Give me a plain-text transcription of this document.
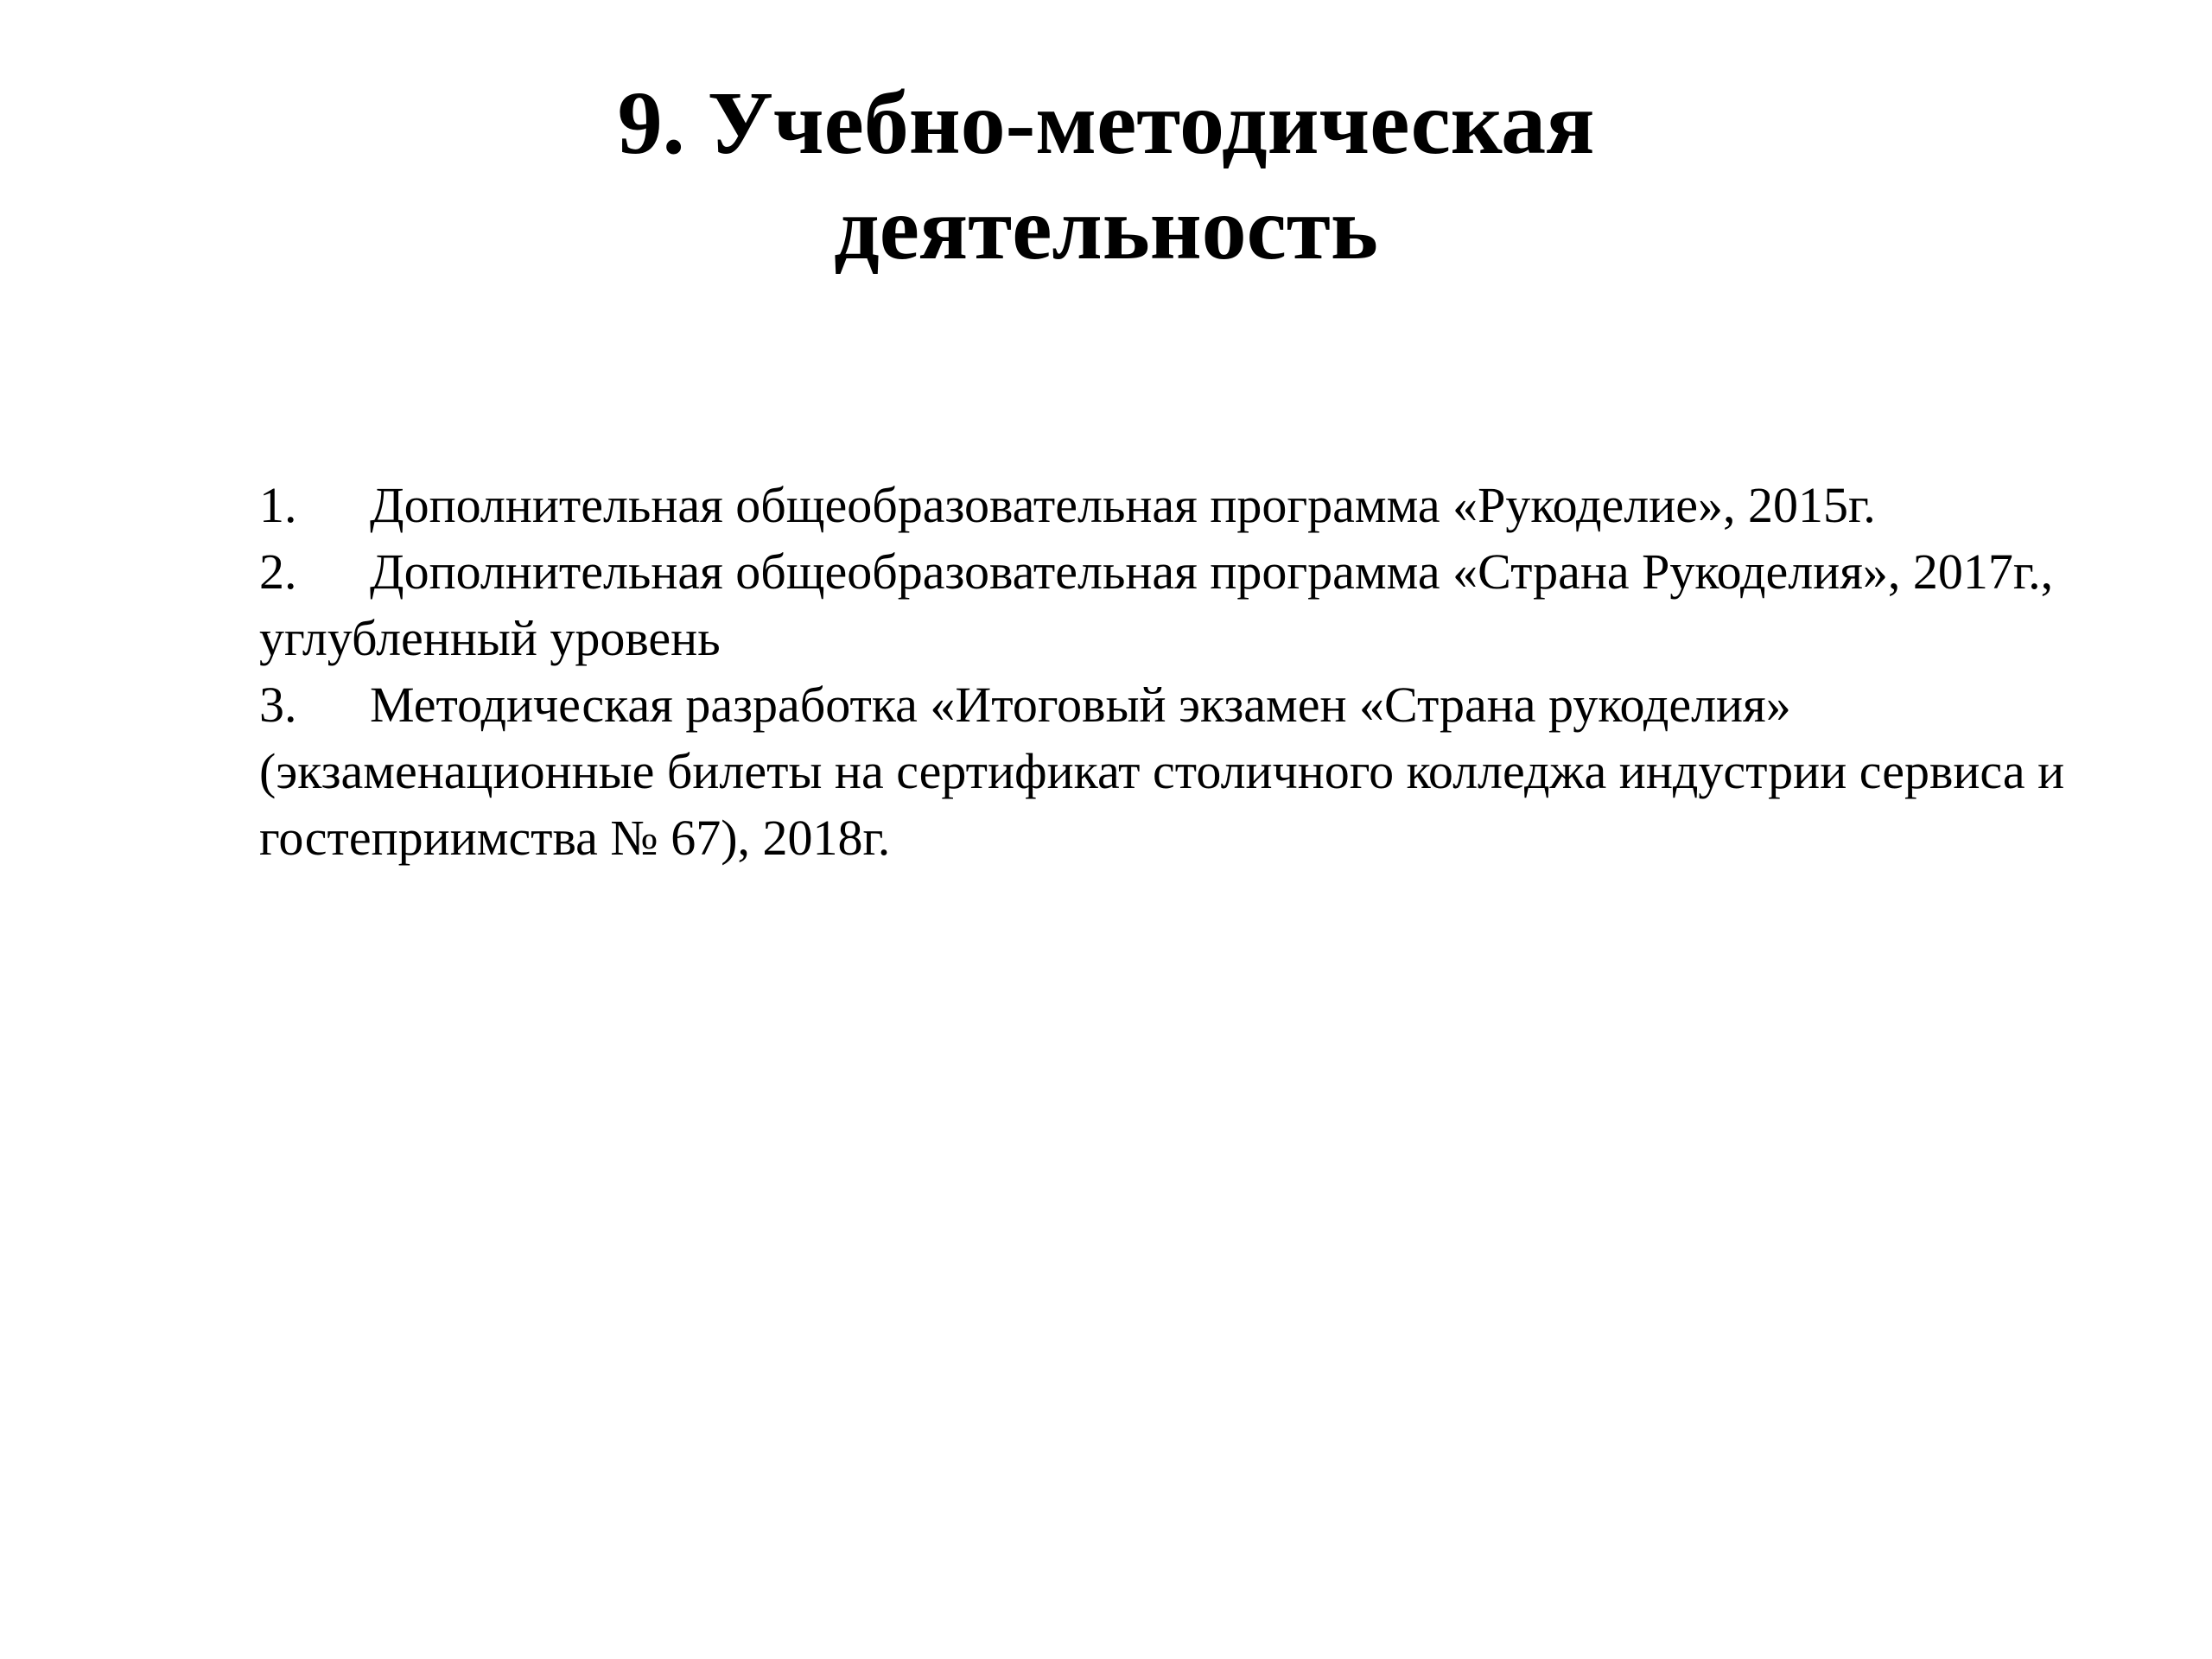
9. Учебно-методическая
деятельность

1. Дополнительная общеобразовательная программа «Рукоделие», 2015г.

2. Дополнительная общеобразовательная программа «Страна Рукоделия», 2017г., углубленный уровень

3. Методическая разработка «Итоговый экзамен «Страна рукоделия» (экзаменационные билеты на сертификат столичного колледжа индустрии сервиса и гостеприимства № 67), 2018г.
